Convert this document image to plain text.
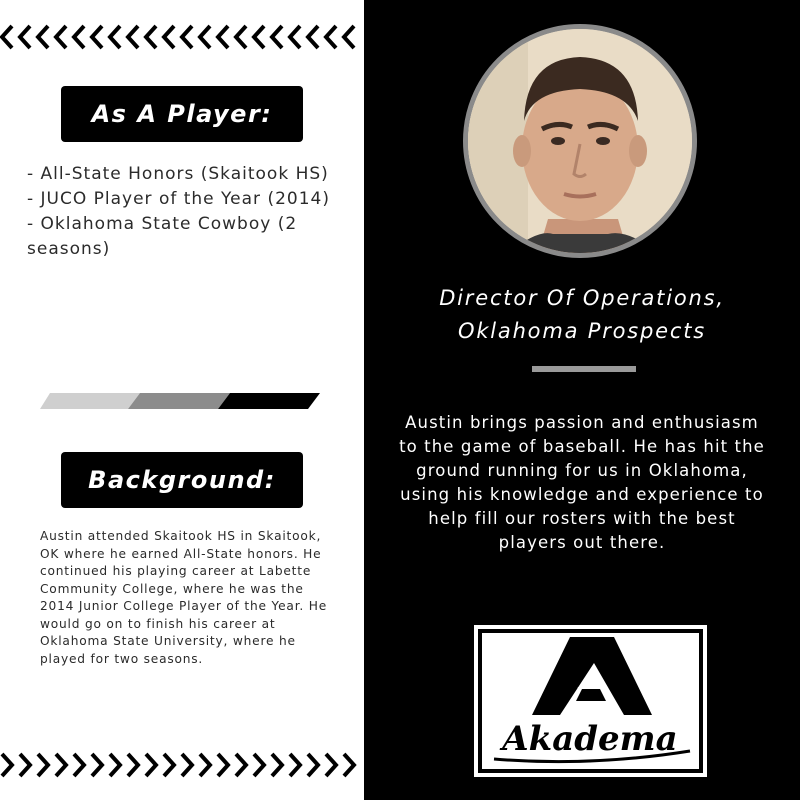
As A Player:
- All-State Honors (Skaitook HS)
- JUCO Player of the Year (2014)
- Oklahoma State Cowboy (2 seasons)
Background:

Austin attended Skaitook HS in Skaitook, OK where he earned All-State honors. He continued his playing career at Labette Community College, where he was the 2014 Junior College Player of the Year. He would go on to finish his career at Oklahoma State University, where he played for two seasons.

Director Of Operations,
Oklahoma Prospects

Austin brings passion and enthusiasm to the game of baseball. He has hit the ground running for us in Oklahoma, using his knowledge and experience to help fill our rosters with the best players out there.

Akadema
